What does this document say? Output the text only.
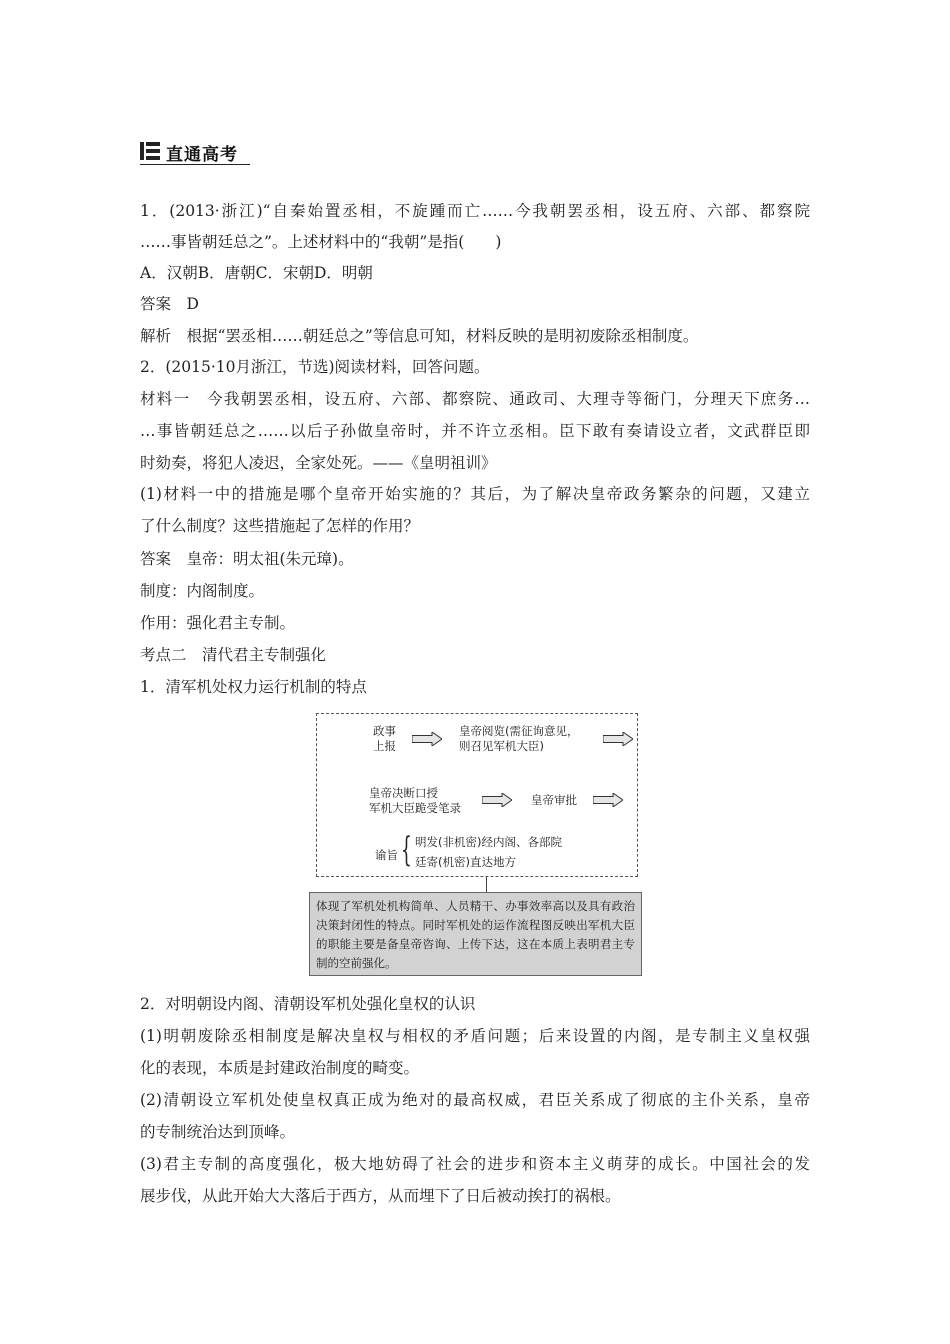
直通高考
1．(2013·浙江)“自秦始置丞相，不旋踵而亡……今我朝罢丞相，设五府、六部、都察院
……事皆朝廷总之”。上述材料中的“我朝”是指(　　)
A．汉朝B．唐朝C．宋朝D．明朝
答案　D
解析　根据“罢丞相……朝廷总之”等信息可知，材料反映的是明初废除丞相制度。
2．(2015·10月浙江，节选)阅读材料，回答问题。
材料一　今我朝罢丞相，设五府、六部、都察院、通政司、大理寺等衙门，分理天下庶务…
…事皆朝廷总之……以后子孙做皇帝时，并不许立丞相。臣下敢有奏请设立者，文武群臣即
时劾奏，将犯人凌迟，全家处死。——《皇明祖训》
(1)材料一中的措施是哪个皇帝开始实施的？其后，为了解决皇帝政务繁杂的问题，又建立
了什么制度？这些措施起了怎样的作用？
答案　皇帝：明太祖(朱元璋)。
制度：内阁制度。
作用：强化君主专制。
考点二　清代君主专制强化
1．清军机处权力运行机制的特点
政事
上报
皇帝阅览(需征询意见，
则召见军机大臣)
皇帝决断口授
军机大臣跪受笔录
皇帝审批
谕旨 { 明发(非机密)经内阁、各部院
廷寄(机密)直达地方
体现了军机处机构简单、人员精干、办事效率高以及具有政治决策封闭性的特点。同时军机处的运作流程图反映出军机大臣的职能主要是备皇帝咨询、上传下达，这在本质上表明君主专制的空前强化。
2．对明朝设内阁、清朝设军机处强化皇权的认识
(1)明朝废除丞相制度是解决皇权与相权的矛盾问题；后来设置的内阁，是专制主义皇权强
化的表现，本质是封建政治制度的畸变。
(2)清朝设立军机处使皇权真正成为绝对的最高权威，君臣关系成了彻底的主仆关系，皇帝
的专制统治达到顶峰。
(3)君主专制的高度强化，极大地妨碍了社会的进步和资本主义萌芽的成长。中国社会的发
展步伐，从此开始大大落后于西方，从而埋下了日后被动挨打的祸根。
